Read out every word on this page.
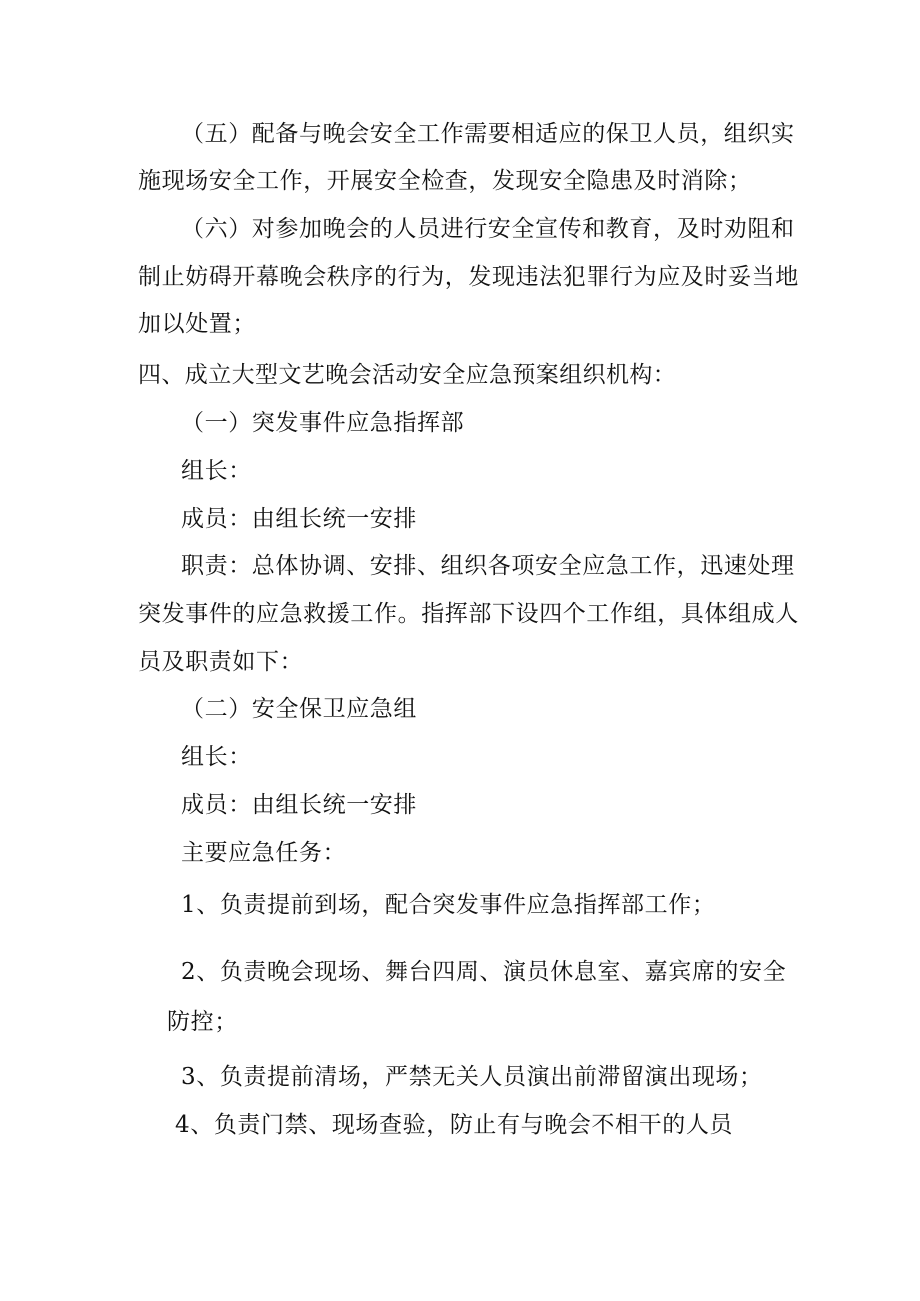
（五）配备与晚会安全工作需要相适应的保卫人员，组织实
施现场安全工作，开展安全检查，发现安全隐患及时消除；
（六）对参加晚会的人员进行安全宣传和教育，及时劝阻和
制止妨碍开幕晚会秩序的行为，发现违法犯罪行为应及时妥当地
加以处置；
四、成立大型文艺晚会活动安全应急预案组织机构：
（一）突发事件应急指挥部
组长：
成员：由组长统一安排
职责：总体协调、安排、组织各项安全应急工作，迅速处理
突发事件的应急救援工作。指挥部下设四个工作组，具体组成人
员及职责如下：
（二）安全保卫应急组
组长：
成员：由组长统一安排
主要应急任务：
1、负责提前到场，配合突发事件应急指挥部工作；
2、负责晚会现场、舞台四周、演员休息室、嘉宾席的安全
防控；
3、负责提前清场，严禁无关人员演出前滞留演出现场；
4、负责门禁、现场查验，防止有与晚会不相干的人员
